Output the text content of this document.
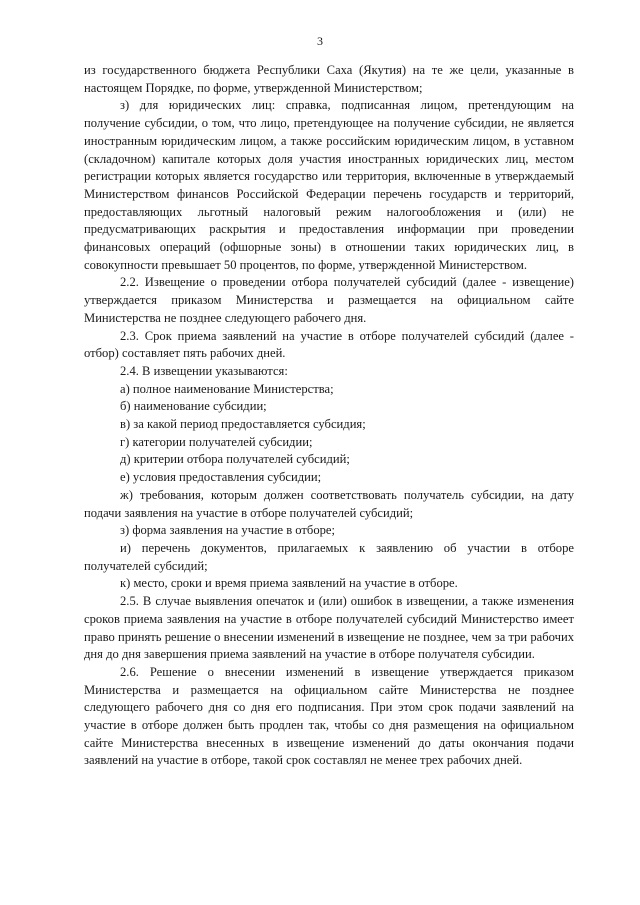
3

из государственного бюджета Республики Саха (Якутия) на те же цели, указанные в настоящем Порядке, по форме, утвержденной Министерством;

з) для юридических лиц: справка, подписанная лицом, претендующим на получение субсидии, о том, что лицо, претендующее на получение субсидии, не является иностранным юридическим лицом, а также российским юридическим лицом, в уставном (складочном) капитале которых доля участия иностранных юридических лиц, местом регистрации которых является государство или территория, включенные в утверждаемый Министерством финансов Российской Федерации перечень государств и территорий, предоставляющих льготный налоговый режим налогообложения и (или) не предусматривающих раскрытия и предоставления информации при проведении финансовых операций (офшорные зоны) в отношении таких юридических лиц, в совокупности превышает 50 процентов, по форме, утвержденной Министерством.

2.2. Извещение о проведении отбора получателей субсидий (далее - извещение) утверждается приказом Министерства и размещается на официальном сайте Министерства не позднее следующего рабочего дня.

2.3. Срок приема заявлений на участие в отборе получателей субсидий (далее - отбор) составляет пять рабочих дней.

2.4. В извещении указываются:

а) полное наименование Министерства;

б) наименование субсидии;

в) за какой период предоставляется субсидия;

г) категории получателей субсидии;

д) критерии отбора получателей субсидий;

е) условия предоставления субсидии;

ж) требования, которым должен соответствовать получатель субсидии, на дату подачи заявления на участие в отборе получателей субсидий;

з) форма заявления на участие в отборе;

и) перечень документов, прилагаемых к заявлению об участии в отборе получателей субсидий;

к) место, сроки и время приема заявлений на участие в отборе.

2.5. В случае выявления опечаток и (или) ошибок в извещении, а также изменения сроков приема заявления на участие в отборе получателей субсидий Министерство имеет право принять решение о внесении изменений в извещение не позднее, чем за три рабочих дня до дня завершения приема заявлений на участие в отборе получателя субсидии.

2.6. Решение о внесении изменений в извещение утверждается приказом Министерства и размещается на официальном сайте Министерства не позднее следующего рабочего дня со дня его подписания. При этом срок подачи заявлений на участие в отборе должен быть продлен так, чтобы со дня размещения на официальном сайте Министерства внесенных в извещение изменений до даты окончания подачи заявлений на участие в отборе, такой срок составлял не менее трех рабочих дней.
